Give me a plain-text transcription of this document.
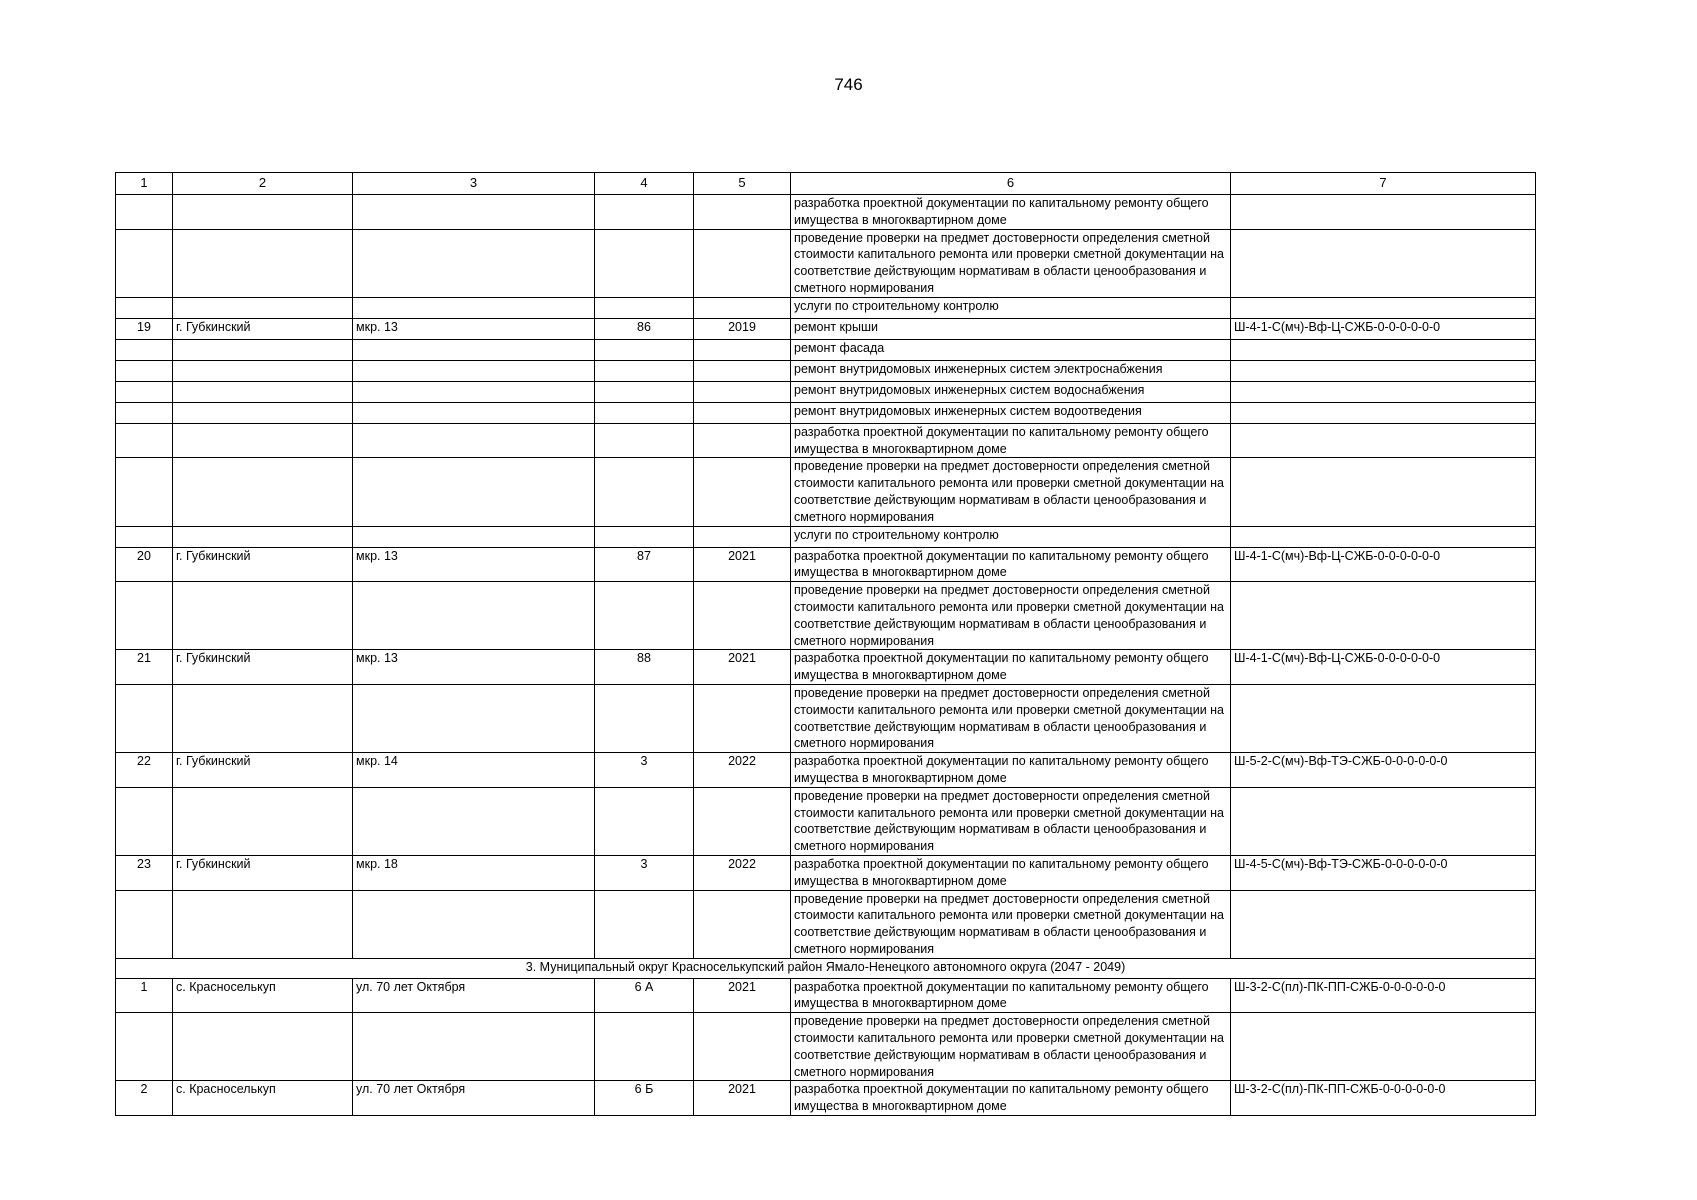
746
1	2	3	4	5	6	7
					разработка проектной документации по капитальному ремонту общего имущества в многоквартирном доме	
					проведение проверки на предмет достоверности определения сметной стоимости капитального ремонта или проверки сметной документации на соответствие действующим нормативам в области ценообразования и сметного нормирования	
					услуги по строительному контролю	
19	г. Губкинский	мкр. 13	86	2019	ремонт крыши	Ш-4-1-С(мч)-Вф-Ц-СЖБ-0-0-0-0-0-0
					ремонт фасада	
					ремонт внутридомовых инженерных систем электроснабжения	
					ремонт внутридомовых инженерных систем водоснабжения	
					ремонт внутридомовых инженерных систем водоотведения	
					разработка проектной документации по капитальному ремонту общего имущества в многоквартирном доме	
					проведение проверки на предмет достоверности определения сметной стоимости капитального ремонта или проверки сметной документации на соответствие действующим нормативам в области ценообразования и сметного нормирования	
					услуги по строительному контролю	
20	г. Губкинский	мкр. 13	87	2021	разработка проектной документации по капитальному ремонту общего имущества в многоквартирном доме	Ш-4-1-С(мч)-Вф-Ц-СЖБ-0-0-0-0-0-0
					проведение проверки на предмет достоверности определения сметной стоимости капитального ремонта или проверки сметной документации на соответствие действующим нормативам в области ценообразования и сметного нормирования	
21	г. Губкинский	мкр. 13	88	2021	разработка проектной документации по капитальному ремонту общего имущества в многоквартирном доме	Ш-4-1-С(мч)-Вф-Ц-СЖБ-0-0-0-0-0-0
					проведение проверки на предмет достоверности определения сметной стоимости капитального ремонта или проверки сметной документации на соответствие действующим нормативам в области ценообразования и сметного нормирования	
22	г. Губкинский	мкр. 14	3	2022	разработка проектной документации по капитальному ремонту общего имущества в многоквартирном доме	Ш-5-2-С(мч)-Вф-ТЭ-СЖБ-0-0-0-0-0-0
					проведение проверки на предмет достоверности определения сметной стоимости капитального ремонта или проверки сметной документации на соответствие действующим нормативам в области ценообразования и сметного нормирования	
23	г. Губкинский	мкр. 18	3	2022	разработка проектной документации по капитальному ремонту общего имущества в многоквартирном доме	Ш-4-5-С(мч)-Вф-ТЭ-СЖБ-0-0-0-0-0-0
					проведение проверки на предмет достоверности определения сметной стоимости капитального ремонта или проверки сметной документации на соответствие действующим нормативам в области ценообразования и сметного нормирования	
3. Муниципальный округ Красноселькупский район Ямало-Ненецкого автономного округа (2047 - 2049)						
1	с. Красноселькуп	ул. 70 лет Октября	6 А	2021	разработка проектной документации по капитальному ремонту общего имущества в многоквартирном доме	Ш-3-2-С(пл)-ПК-ПП-СЖБ-0-0-0-0-0-0
					проведение проверки на предмет достоверности определения сметной стоимости капитального ремонта или проверки сметной документации на соответствие действующим нормативам в области ценообразования и сметного нормирования	
2	с. Красноселькуп	ул. 70 лет Октября	6 Б	2021	разработка проектной документации по капитальному ремонту общего имущества в многоквартирном доме	Ш-3-2-С(пл)-ПК-ПП-СЖБ-0-0-0-0-0-0
